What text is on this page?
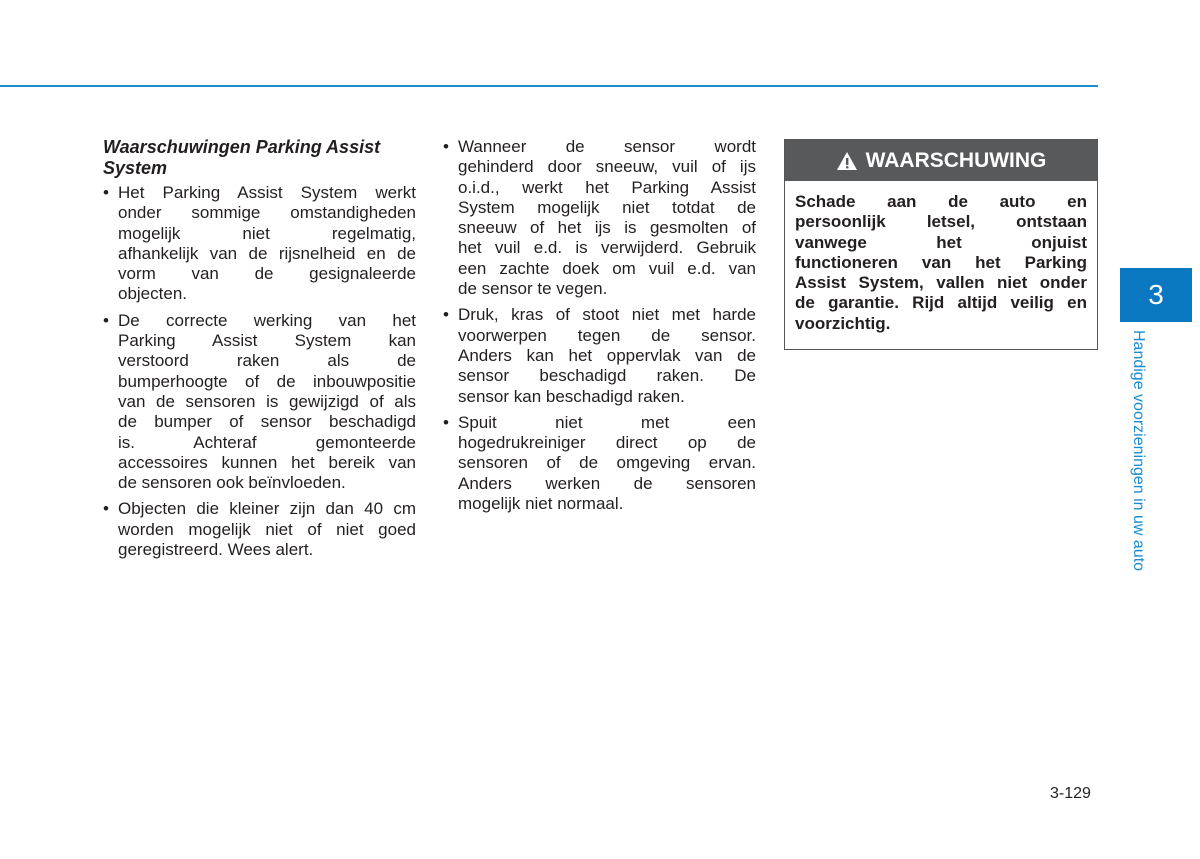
Waarschuwingen Parking Assist
System
• Het Parking Assist System werkt
onder sommige omstandigheden
mogelijk niet regelmatig,
afhankelijk van de rijsnelheid en de
vorm van de gesignaleerde
objecten.
• De correcte werking van het
Parking Assist System kan
verstoord raken als de
bumperhoogte of de inbouwpositie
van de sensoren is gewijzigd of als
de bumper of sensor beschadigd
is. Achteraf gemonteerde
accessoires kunnen het bereik van
de sensoren ook beïnvloeden.
• Objecten die kleiner zijn dan 40 cm
worden mogelijk niet of niet goed
geregistreerd. Wees alert.
• Wanneer de sensor wordt
gehinderd door sneeuw, vuil of ijs
o.i.d., werkt het Parking Assist
System mogelijk niet totdat de
sneeuw of het ijs is gesmolten of
het vuil e.d. is verwijderd. Gebruik
een zachte doek om vuil e.d. van
de sensor te vegen.
• Druk, kras of stoot niet met harde
voorwerpen tegen de sensor.
Anders kan het oppervlak van de
sensor beschadigd raken. De
sensor kan beschadigd raken.
• Spuit niet met een
hogedrukreiniger direct op de
sensoren of de omgeving ervan.
Anders werken de sensoren
mogelijk niet normaal.
WAARSCHUWING
Schade aan de auto en
persoonlijk letsel, ontstaan
vanwege het onjuist
functioneren van het Parking
Assist System, vallen niet onder
de garantie. Rijd altijd veilig en
voorzichtig.
3
Handige voorzieningen in uw auto
3-129
